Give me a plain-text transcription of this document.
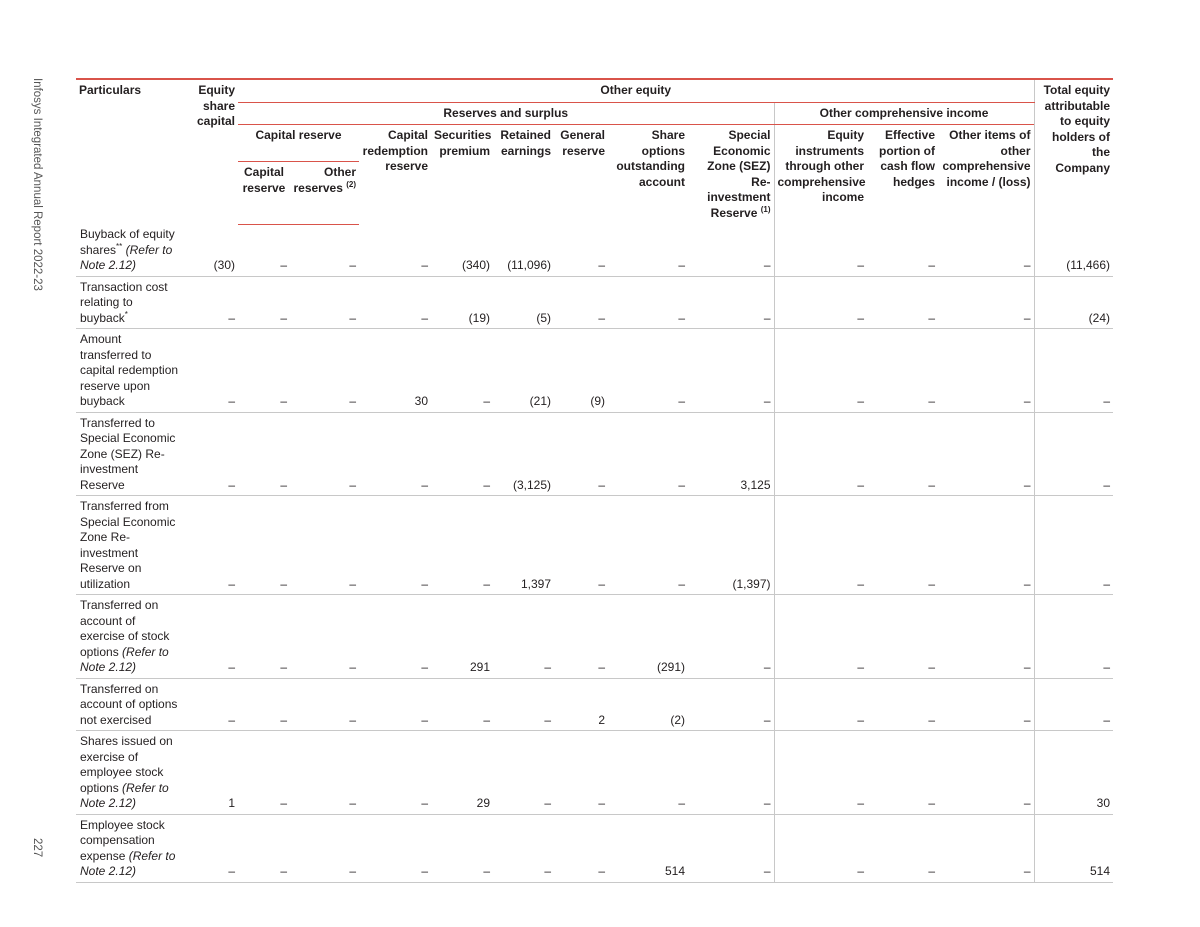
Infosys Integrated Annual Report 2022-23
227
Particulars	Equity share capital	Other equity											Total equity attributable to equity holders of the Company
		Reserves and surplus								Other comprehensive income			
		Capital reserve		Capital redemption reserve	Securities premium	Retained earnings	General reserve	Share options outstanding account	Special Economic Zone (SEZ) Re-investment Reserve $^{(1)}$	Equity instruments through other comprehensive income	Effective portion of cash flow hedges	Other items of other comprehensive income / (loss)	
		Capital reserve	Other reserves $^{(2)}$
Buyback of equity shares** (Refer to Note 2.12)	(30)	–	–	–	(340)	(11,096)	–	–	–	–	–	–	(11,466)
Transaction cost relating to buyback*	–	–	–	–	(19)	(5)	–	–	–	–	–	–	(24)
Amount transferred to capital redemption reserve upon buyback	–	–	–	30	–	(21)	(9)	–	–	–	–	–	–
Transferred to Special Economic Zone (SEZ) Re-investment Reserve	–	–	–	–	–	(3,125)	–	–	3,125	–	–	–	–
Transferred from Special Economic Zone Re-investment Reserve on utilization	–	–	–	–	–	1,397	–	–	(1,397)	–	–	–	–
Transferred on account of exercise of stock options (Refer to Note 2.12)	–	–	–	–	291	–	–	(291)	–	–	–	–	–
Transferred on account of options not exercised	–	–	–	–	–	–	2	(2)	–	–	–	–	–
Shares issued on exercise of employee stock options (Refer to Note 2.12)	1	–	–	–	29	–	–	–	–	–	–	–	30
Employee stock compensation expense (Refer to Note 2.12)	–	–	–	–	–	–	–	514	–	–	–	–	514
